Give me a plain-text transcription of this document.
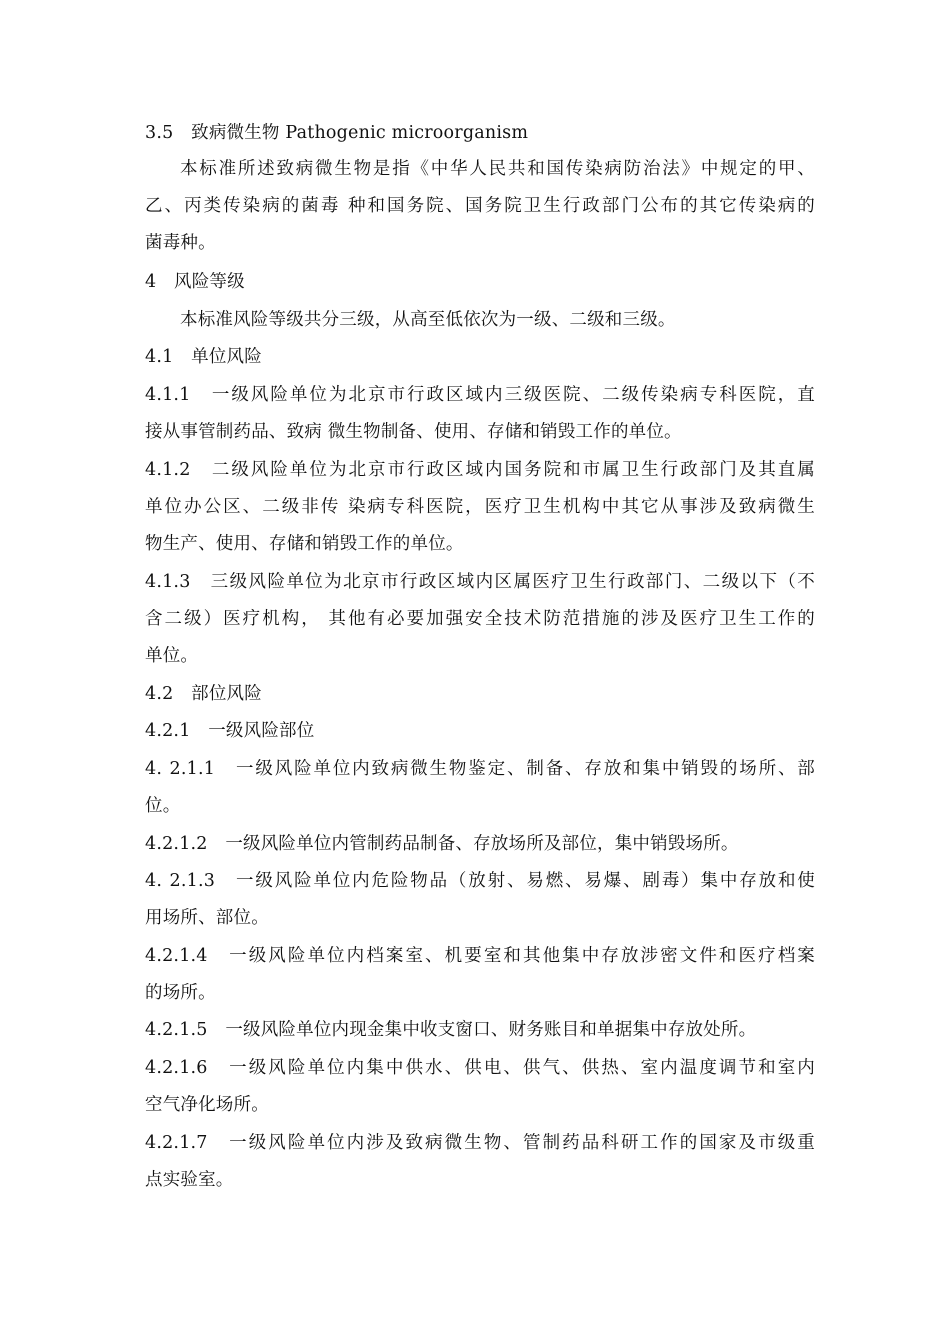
3.5　致病微生物 Pathogenic microorganism
本标准所述致病微生物是指《中华人民共和国传染病防治法》中规定的甲、
乙、丙类传染病的菌毒 种和国务院、国务院卫生行政部门公布的其它传染病的
菌毒种。
4　风险等级
本标准风险等级共分三级，从高至低依次为一级、二级和三级。
4.1　单位风险
4.1.1　一级风险单位为北京市行政区域内三级医院、二级传染病专科医院，直
接从事管制药品、致病 微生物制备、使用、存储和销毁工作的单位。
4.1.2　二级风险单位为北京市行政区域内国务院和市属卫生行政部门及其直属
单位办公区、二级非传 染病专科医院，医疗卫生机构中其它从事涉及致病微生
物生产、使用、存储和销毁工作的单位。
4.1.3　三级风险单位为北京市行政区域内区属医疗卫生行政部门、二级以下（不
含二级）医疗机构， 其他有必要加强安全技术防范措施的涉及医疗卫生工作的
单位。
4.2　部位风险
4.2.1　一级风险部位
4. 2.1.1　一级风险单位内致病微生物鉴定、制备、存放和集中销毁的场所、部
位。
4.2.1.2　一级风险单位内管制药品制备、存放场所及部位，集中销毁场所。
4. 2.1.3　一级风险单位内危险物品（放射、易燃、易爆、剧毒）集中存放和使
用场所、部位。
4.2.1.4　一级风险单位内档案室、机要室和其他集中存放涉密文件和医疗档案
的场所。
4.2.1.5　一级风险单位内现金集中收支窗口、财务账目和单据集中存放处所。
4.2.1.6　一级风险单位内集中供水、供电、供气、供热、室内温度调节和室内
空气净化场所。
4.2.1.7　一级风险单位内涉及致病微生物、管制药品科研工作的国家及市级重
点实验室。
